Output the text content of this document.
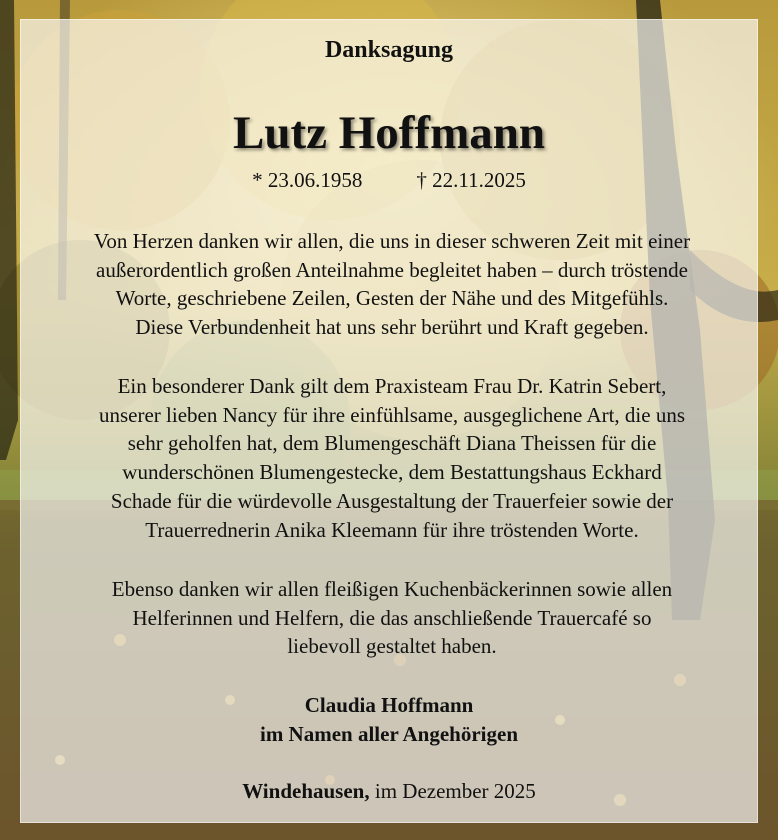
Danksagung
Lutz Hoffmann
* 23.06.1958	† 22.11.2025
Von Herzen danken wir allen, die uns in dieser schweren Zeit mit einer
außerordentlich großen Anteilnahme begleitet haben – durch tröstende
Worte, geschriebene Zeilen, Gesten der Nähe und des Mitgefühls.
Diese Verbundenheit hat uns sehr berührt und Kraft gegeben.
Ein besonderer Dank gilt dem Praxisteam Frau Dr. Katrin Sebert,
unserer lieben Nancy für ihre einfühlsame, ausgeglichene Art, die uns
sehr geholfen hat, dem Blumengeschäft Diana Theissen für die
wunderschönen Blumengestecke, dem Bestattungshaus Eckhard
Schade für die würdevolle Ausgestaltung der Trauerfeier sowie der
Trauerrednerin Anika Kleemann für ihre tröstenden Worte.
Ebenso danken wir allen fleißigen Kuchenbäckerinnen sowie allen
Helferinnen und Helfern, die das anschließende Trauercafé so
liebevoll gestaltet haben.
Claudia Hoffmann
im Namen aller Angehörigen
Windehausen, im Dezember 2025
